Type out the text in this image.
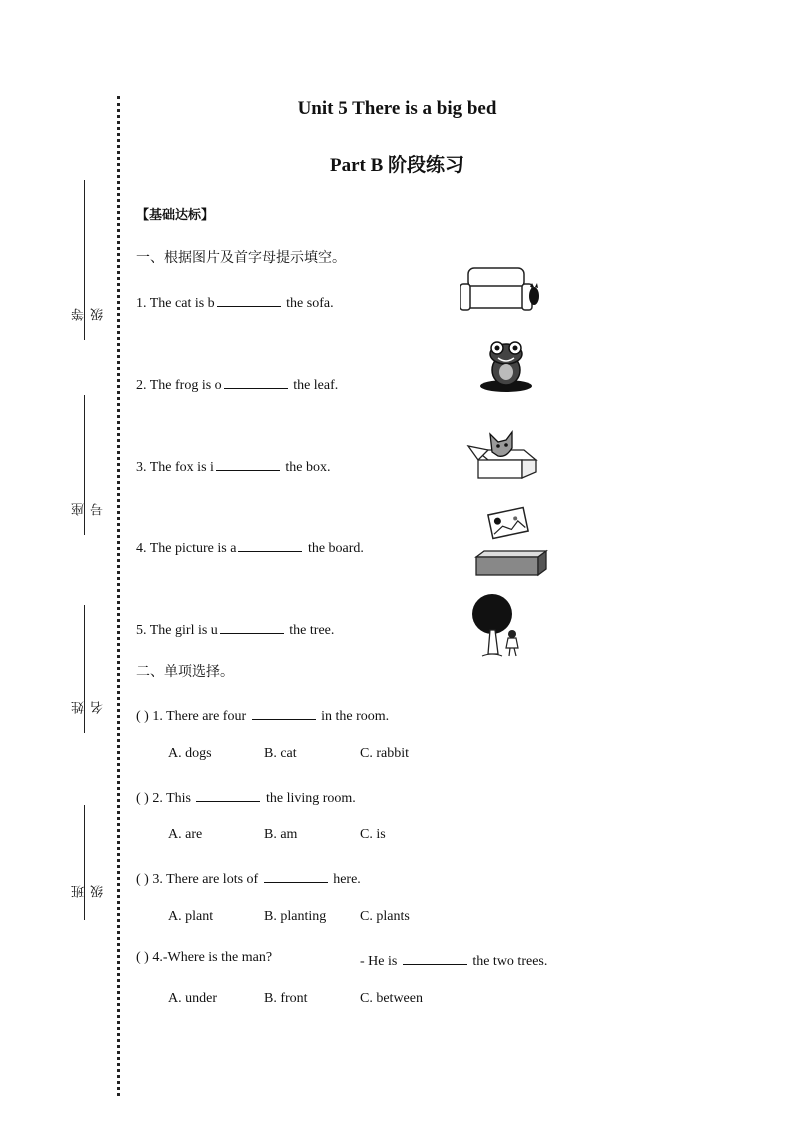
等级
座号
姓名
班级
Unit 5 There is a big bed
Part B 阶段练习
【基础达标】
一、根据图片及首字母提示填空。
1. The cat is b	the sofa.
2. The frog is o	the leaf.
3. The fox is i	the box.
4. The picture is a	the board.
5. The girl is u	the tree.
二、单项选择。
( ) 1. There are four	in the room.
A. dogs	B. cat	C. rabbit
( ) 2. This	the living room.
A. are	B. am	C. is
( ) 3. There are lots of	here.
A. plant	B. planting C. plants
( ) 4.-Where is the man?	- He is	the two trees.
A. under	B. front	C. between
